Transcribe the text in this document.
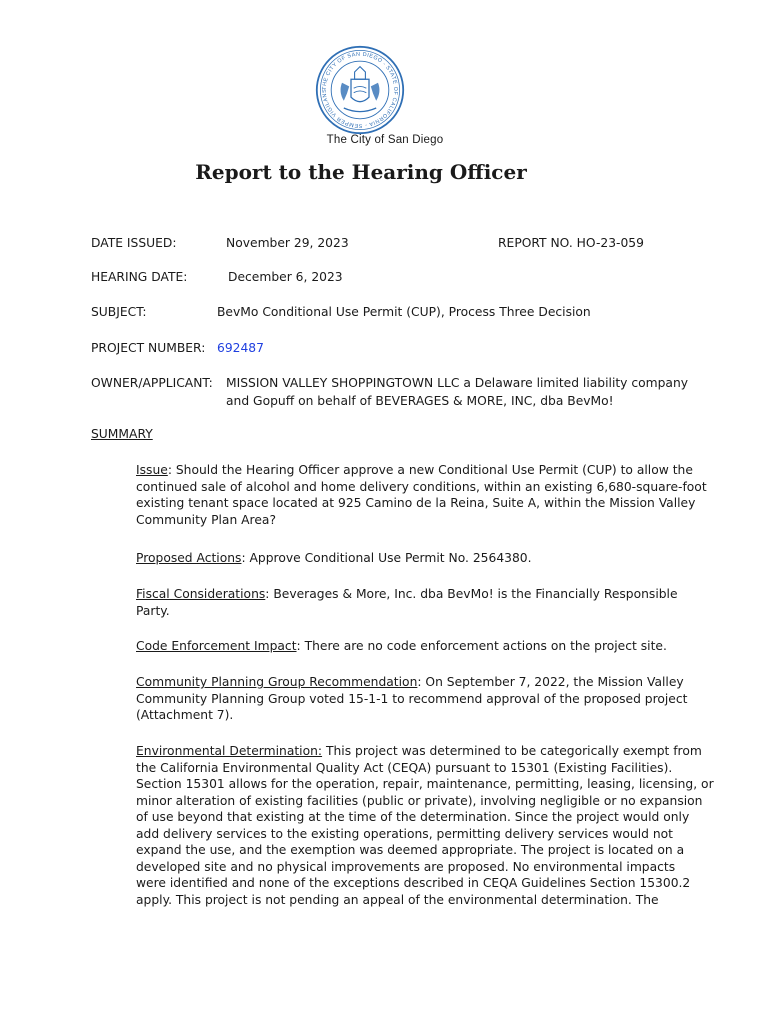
THE CITY OF SAN DIEGO - STATE OF CALIFORNIA - SEMPER VIGILANS
The City of San Diego
Report to the Hearing Officer
DATE ISSUED:	November 29, 2023	REPORT NO. HO-23-059
HEARING DATE:	December 6, 2023
SUBJECT:	BevMo Conditional Use Permit (CUP), Process Three Decision
PROJECT NUMBER: 692487
OWNER/APPLICANT: MISSION VALLEY SHOPPINGTOWN LLC a Delaware limited liability company
and Gopuff on behalf of BEVERAGES & MORE, INC, dba BevMo!
SUMMARY
Issue: Should the Hearing Officer approve a new Conditional Use Permit (CUP) to allow the
continued sale of alcohol and home delivery conditions, within an existing 6,680-square-foot
existing tenant space located at 925 Camino de la Reina, Suite A, within the Mission Valley
Community Plan Area?
Proposed Actions: Approve Conditional Use Permit No. 2564380.
Fiscal Considerations: Beverages & More, Inc. dba BevMo! is the Financially Responsible
Party.
Code Enforcement Impact: There are no code enforcement actions on the project site.
Community Planning Group Recommendation: On September 7, 2022, the Mission Valley
Community Planning Group voted 15-1-1 to recommend approval of the proposed project
(Attachment 7).
Environmental Determination: This project was determined to be categorically exempt from
the California Environmental Quality Act (CEQA) pursuant to 15301 (Existing Facilities).
Section 15301 allows for the operation, repair, maintenance, permitting, leasing, licensing, or
minor alteration of existing facilities (public or private), involving negligible or no expansion
of use beyond that existing at the time of the determination. Since the project would only
add delivery services to the existing operations, permitting delivery services would not
expand the use, and the exemption was deemed appropriate. The project is located on a
developed site and no physical improvements are proposed. No environmental impacts
were identified and none of the exceptions described in CEQA Guidelines Section 15300.2
apply. This project is not pending an appeal of the environmental determination. The
